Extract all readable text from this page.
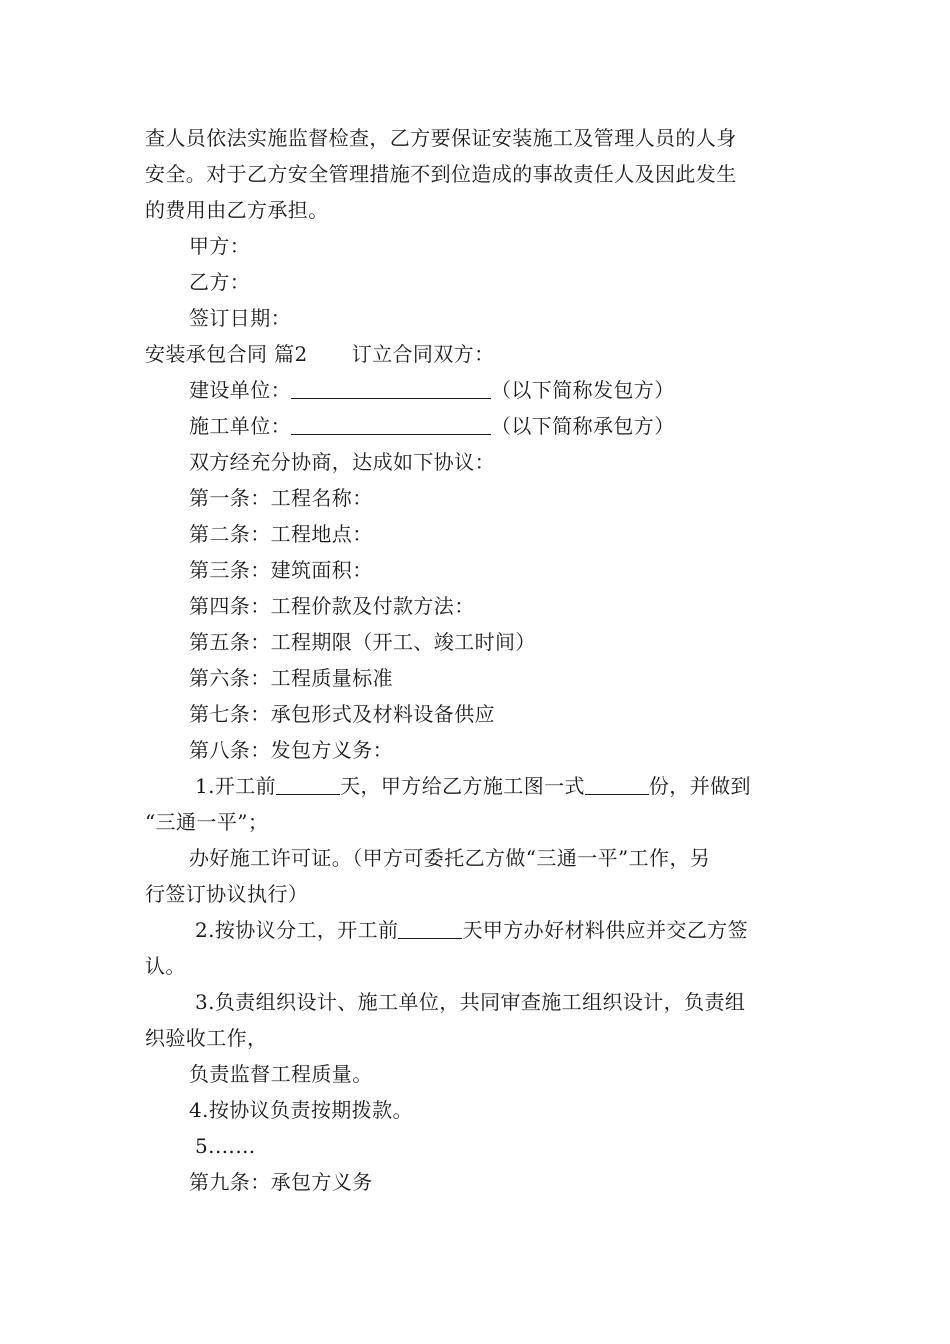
查人员依法实施监督检查，乙方要保证安装施工及管理人员的人身
安全。对于乙方安全管理措施不到位造成的事故责任人及因此发生
的费用由乙方承担。
甲方：
乙方：
签订日期：
安装承包合同 篇2 订立合同双方：
建设单位：	（以下简称发包方）
施工单位：	（以下简称承包方）
双方经充分协商，达成如下协议：
第一条：工程名称：
第二条：工程地点：
第三条：建筑面积：
第四条：工程价款及付款方法：
第五条：工程期限（开工、竣工时间）
第六条：工程质量标准
第七条：承包形式及材料设备供应
第八条：发包方义务：
1.开工前	天，甲方给乙方施工图一式	份，并做到
“三通一平”；
办好施工许可证。（甲方可委托乙方做“三通一平”工作，另
行签订协议执行）
2.按协议分工，开工前	天甲方办好材料供应并交乙方签
认。
3.负责组织设计、施工单位，共同审查施工组织设计，负责组
织验收工作，
负责监督工程质量。
4.按协议负责按期拨款。
5.……
第九条：承包方义务
